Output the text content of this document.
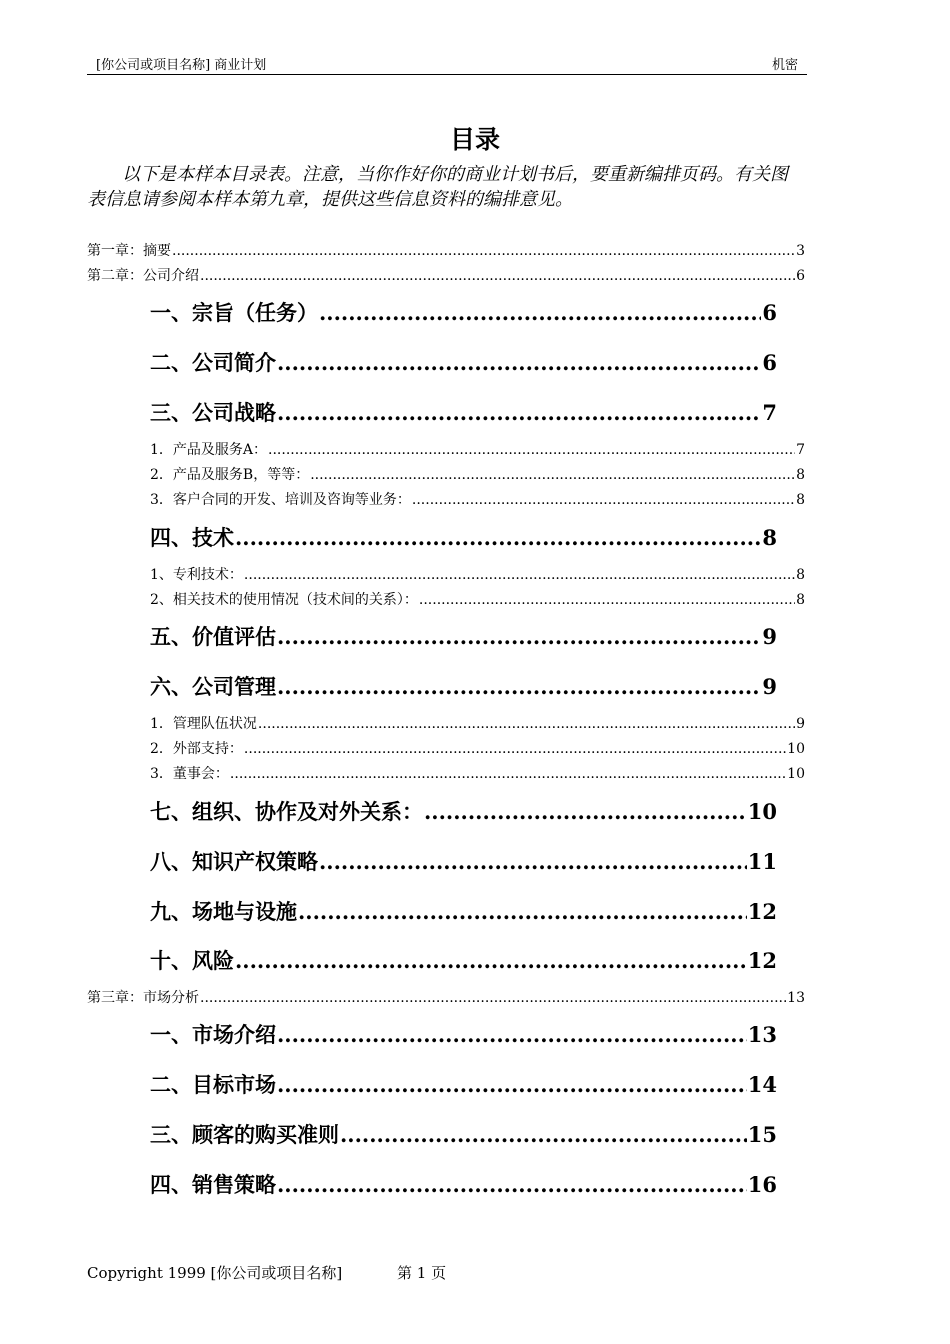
[你公司或项目名称] 商业计划	机密
目录
以下是本样本目录表。注意，当你作好你的商业计划书后，要重新编排页码。有关图表信息请参阅本样本第九章，提供这些信息资料的编排意见。
第一章：摘要 .....	3
第二章：公司介绍 .....	6
一、宗旨（任务） .....	6
二、公司简介 .....	6
三、公司战略 .....	7
1．产品及服务A： .....	7
2．产品及服务B，等等： .....	8
3．客户合同的开发、培训及咨询等业务： .....	8
四、技术 .....	8
1、专利技术： .....	8
2、相关技术的使用情况（技术间的关系）： .....	8
五、价值评估 .....	9
六、公司管理 .....	9
1．管理队伍状况 .....	9
2．外部支持： .....	10
3．董事会： .....	10
七、组织、协作及对外关系： .....	10
八、知识产权策略 .....	11
九、场地与设施 .....	12
十、风险 .....	12
第三章：市场分析 .....	13
一、市场介绍 .....	13
二、目标市场 .....	14
三、顾客的购买准则 .....	15
四、销售策略 .....	16
Copyright 1999 [你公司或项目名称]	第 1 页
